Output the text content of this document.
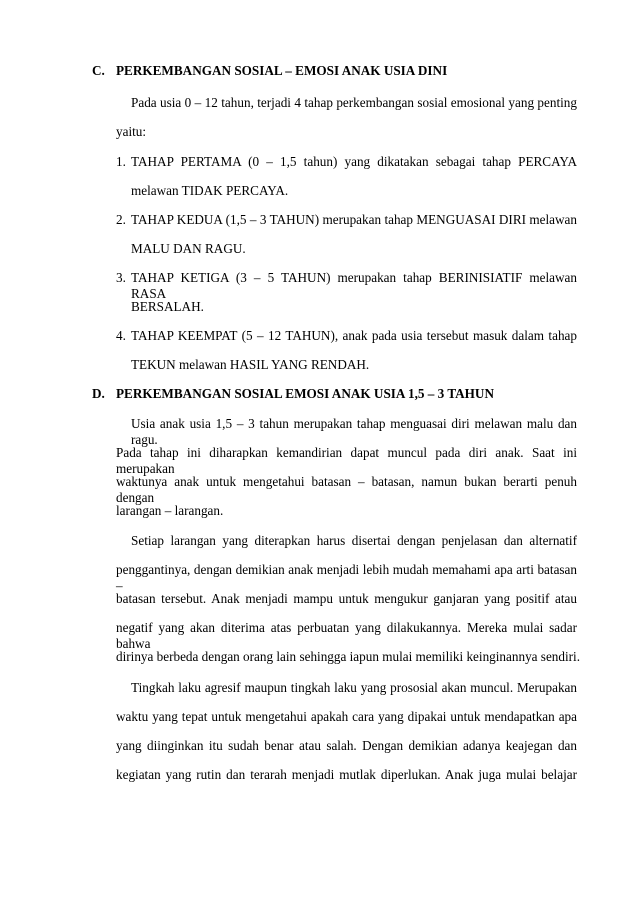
C. PERKEMBANGAN SOSIAL – EMOSI ANAK USIA DINI
Pada usia 0 – 12 tahun, terjadi 4 tahap perkembangan sosial emosional yang penting
yaitu:
1. TAHAP PERTAMA (0 – 1,5 tahun) yang dikatakan sebagai tahap PERCAYA
melawan TIDAK PERCAYA.
2. TAHAP KEDUA (1,5 – 3 TAHUN) merupakan tahap MENGUASAI DIRI melawan
MALU DAN RAGU.
3. TAHAP KETIGA (3 – 5 TAHUN) merupakan tahap BERINISIATIF melawan RASA
BERSALAH.
4. TAHAP KEEMPAT (5 – 12 TAHUN), anak pada usia tersebut masuk dalam tahap
TEKUN melawan HASIL YANG RENDAH.
D. PERKEMBANGAN SOSIAL EMOSI ANAK USIA 1,5 – 3 TAHUN
Usia anak usia 1,5 – 3 tahun merupakan tahap menguasai diri melawan malu dan ragu.
Pada tahap ini diharapkan kemandirian dapat muncul pada diri anak. Saat ini merupakan
waktunya anak untuk mengetahui batasan – batasan, namun bukan berarti penuh dengan
larangan – larangan.
Setiap larangan yang diterapkan harus disertai dengan penjelasan dan alternatif
penggantinya, dengan demikian anak menjadi lebih mudah memahami apa arti batasan –
batasan tersebut. Anak menjadi mampu untuk mengukur ganjaran yang positif atau
negatif yang akan diterima atas perbuatan yang dilakukannya. Mereka mulai sadar bahwa
dirinya berbeda dengan orang lain sehingga iapun mulai memiliki keinginannya sendiri.
Tingkah laku agresif maupun tingkah laku yang prososial akan muncul. Merupakan
waktu yang tepat untuk mengetahui apakah cara yang dipakai untuk mendapatkan apa
yang diinginkan itu sudah benar atau salah. Dengan demikian adanya keajegan dan
kegiatan yang rutin dan terarah menjadi mutlak diperlukan. Anak juga mulai belajar
